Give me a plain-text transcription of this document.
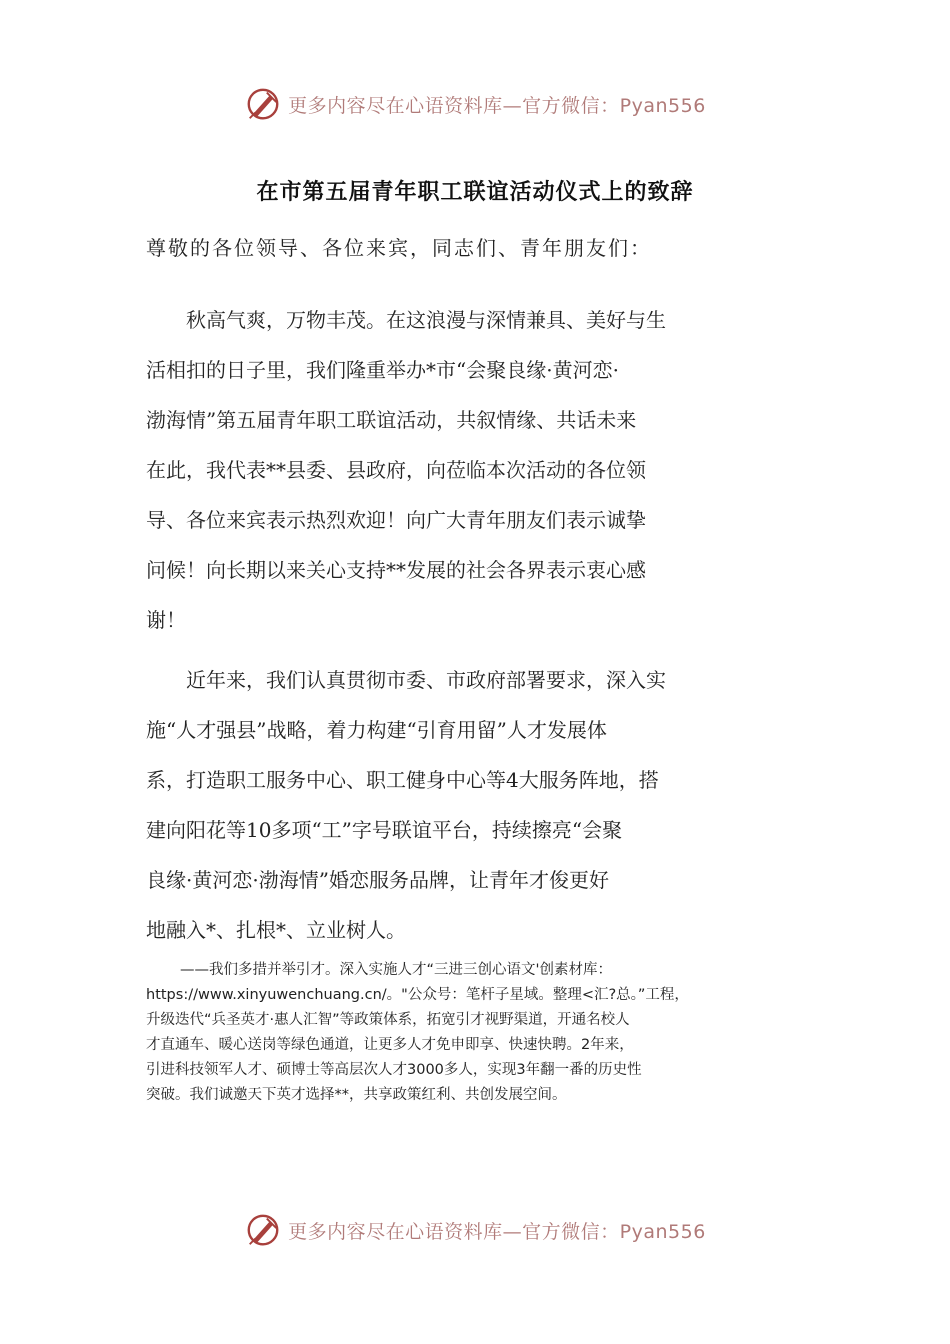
更多内容尽在心语资料库—官方微信：Pyan556
在市第五届青年职工联谊活动仪式上的致辞
尊敬的各位领导、各位来宾，同志们、青年朋友们：
秋高气爽，万物丰茂。在这浪漫与深情兼具、美好与生
活相扣的日子里，我们隆重举办*市“会聚良缘·黄河恋·
渤海情”第五届青年职工联谊活动，共叙情缘、共话未来
在此，我代表**县委、县政府，向莅临本次活动的各位领
导、各位来宾表示热烈欢迎！向广大青年朋友们表示诚挚
问候！向长期以来关心支持**发展的社会各界表示衷心感
谢！
近年来，我们认真贯彻市委、市政府部署要求，深入实
施“人才强县”战略，着力构建“引育用留”人才发展体
系，打造职工服务中心、职工健身中心等4大服务阵地，搭
建向阳花等10多项“工”字号联谊平台，持续擦亮“会聚
良缘·黄河恋·渤海情”婚恋服务品牌，让青年才俊更好
地融入*、扎根*、立业树人。
——我们多措并举引才。深入实施人才“三进三创心语文'创素材库：
https://www.xinyuwenchuang.cn/。"公众号：笔杆子星域。整理<汇?总。”工程，
升级迭代“兵圣英才·惠人汇智”等政策体系，拓宽引才视野渠道，开通名校人
才直通车、暖心送岗等绿色通道，让更多人才免申即享、快速快聘。2年来，
引进科技领军人才、硕博士等高层次人才3000多人，实现3年翻一番的历史性
突破。我们诚邀天下英才选择**，共享政策红利、共创发展空间。
更多内容尽在心语资料库—官方微信：Pyan556
